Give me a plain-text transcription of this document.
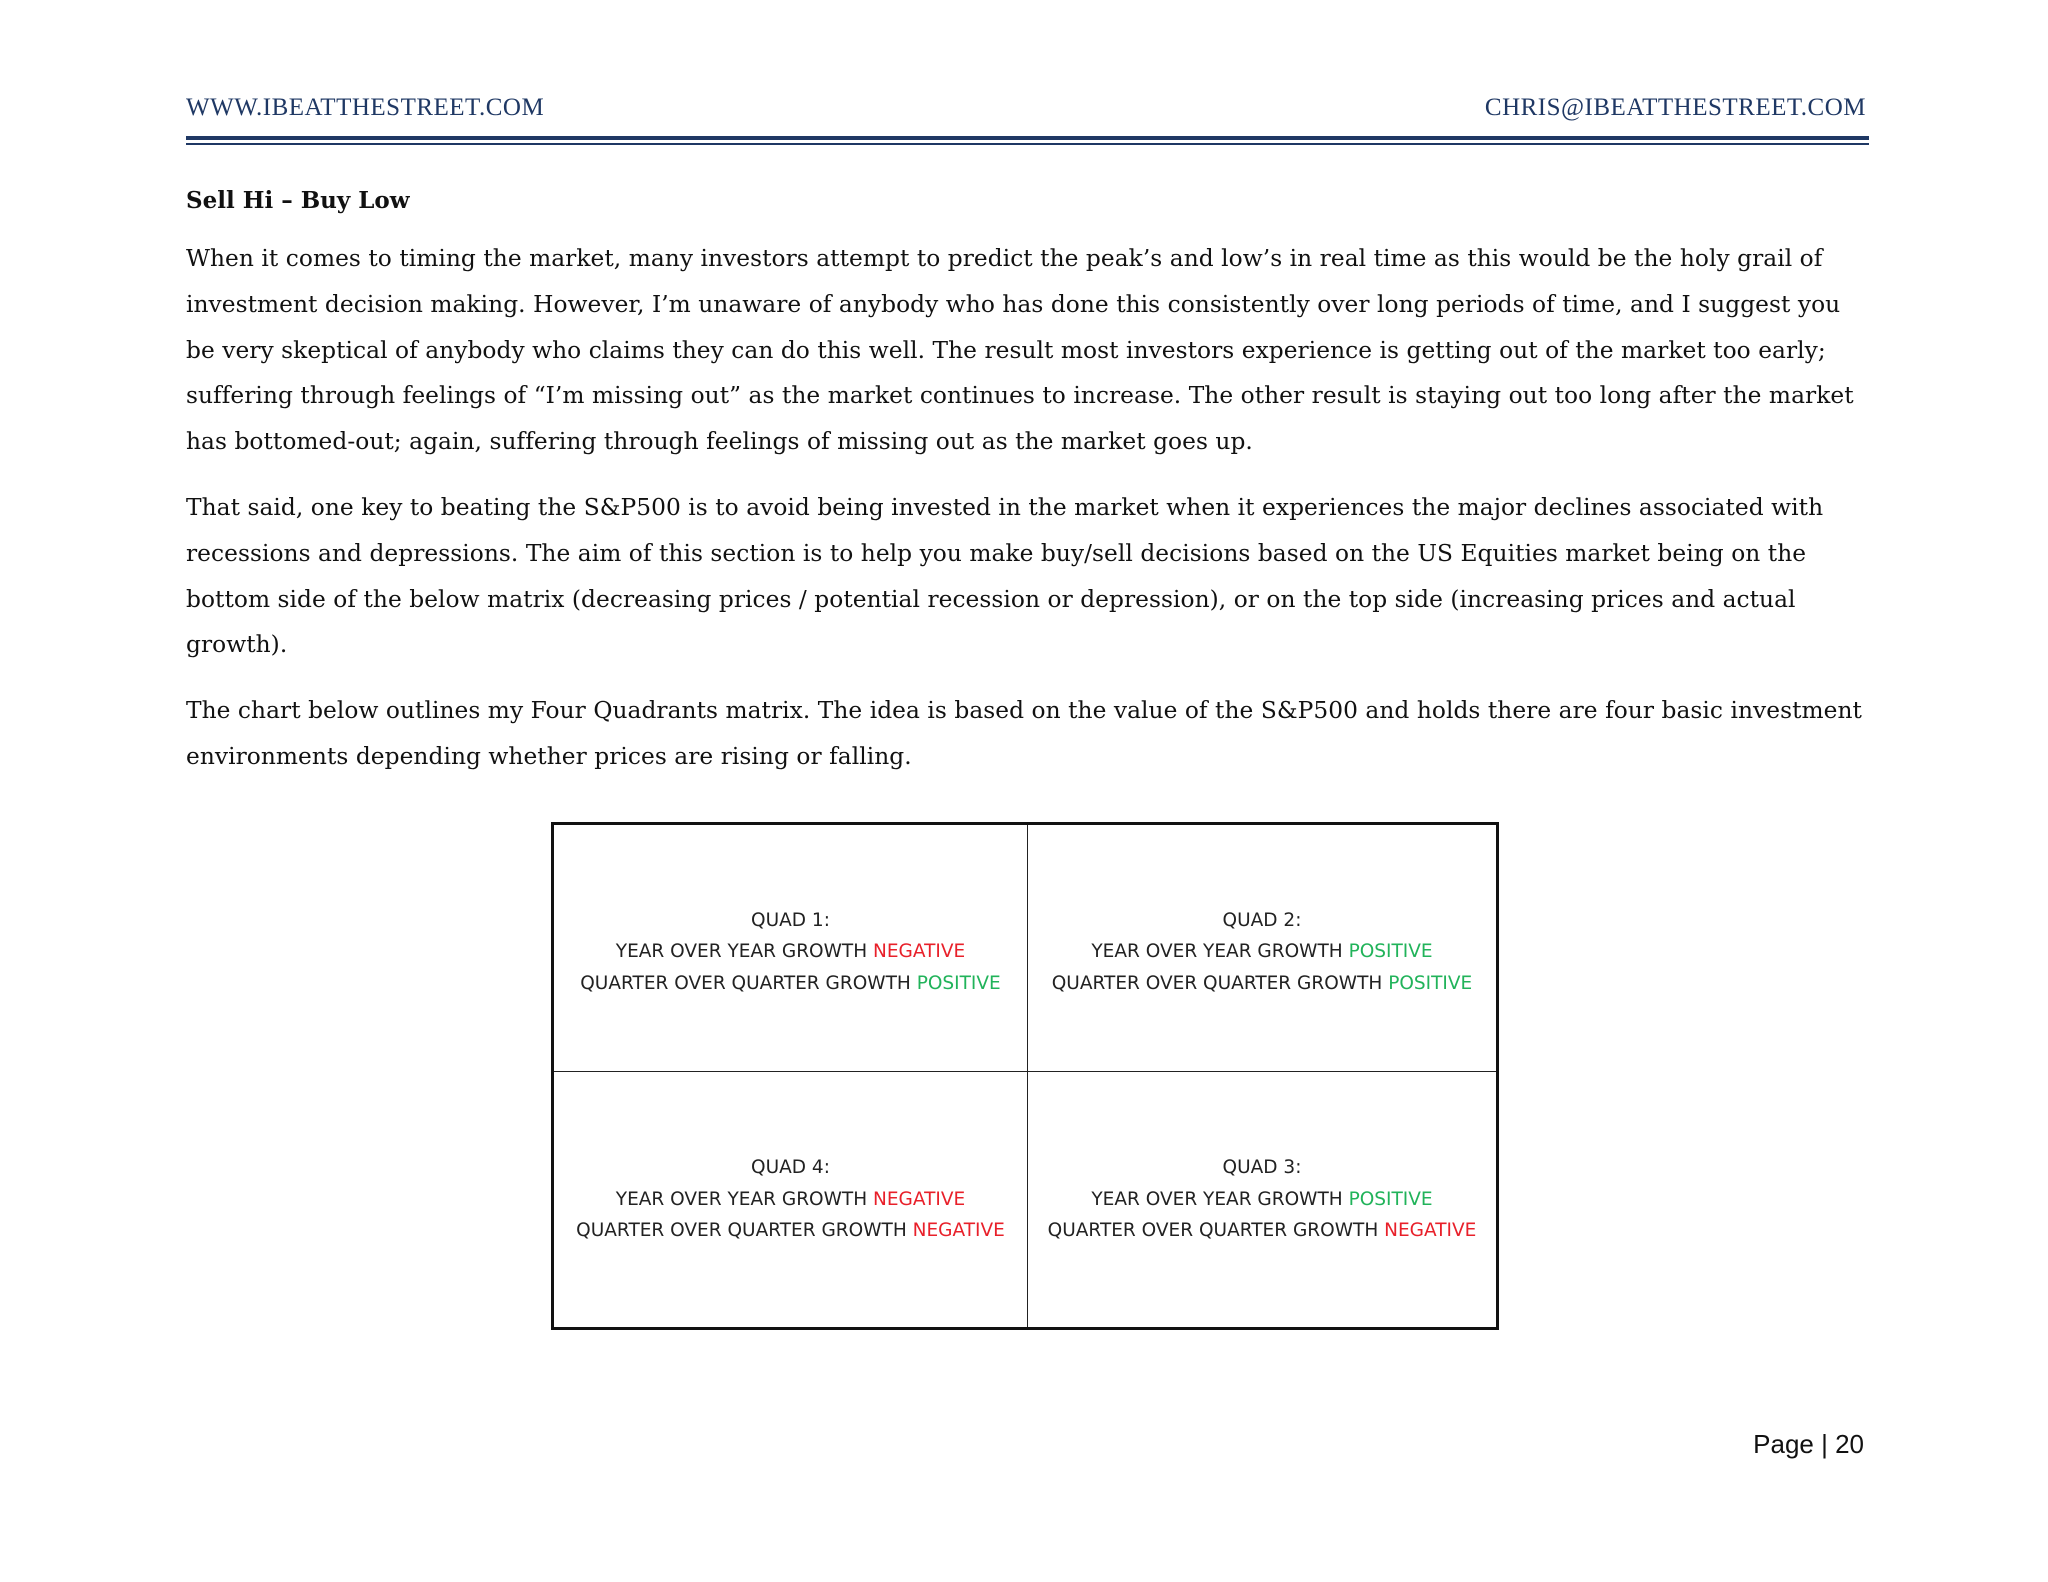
WWW.IBEATTHESTREET.COM	CHRIS@IBEATTHESTREET.COM
Sell Hi – Buy Low

When it comes to timing the market, many investors attempt to predict the peak’s and low’s in real time as this would be the holy grail of investment decision making. However, I’m unaware of anybody who has done this consistently over long periods of time, and I suggest you be very skeptical of anybody who claims they can do this well. The result most investors experience is getting out of the market too early; suffering through feelings of “I’m missing out” as the market continues to increase. The other result is staying out too long after the market has bottomed-out; again, suffering through feelings of missing out as the market goes up.

That said, one key to beating the S&P500 is to avoid being invested in the market when it experiences the major declines associated with recessions and depressions. The aim of this section is to help you make buy/sell decisions based on the US Equities market being on the bottom side of the below matrix (decreasing prices / potential recession or depression), or on the top side (increasing prices and actual growth).

The chart below outlines my Four Quadrants matrix. The idea is based on the value of the S&P500 and holds there are four basic investment environments depending whether prices are rising or falling.

QUAD 1:
YEAR OVER YEAR GROWTH NEGATIVE
QUARTER OVER QUARTER GROWTH POSITIVE
QUAD 2:
YEAR OVER YEAR GROWTH POSITIVE
QUARTER OVER QUARTER GROWTH POSITIVE
QUAD 4:
YEAR OVER YEAR GROWTH NEGATIVE
QUARTER OVER QUARTER GROWTH NEGATIVE
QUAD 3:
YEAR OVER YEAR GROWTH POSITIVE
QUARTER OVER QUARTER GROWTH NEGATIVE
Page | 20
